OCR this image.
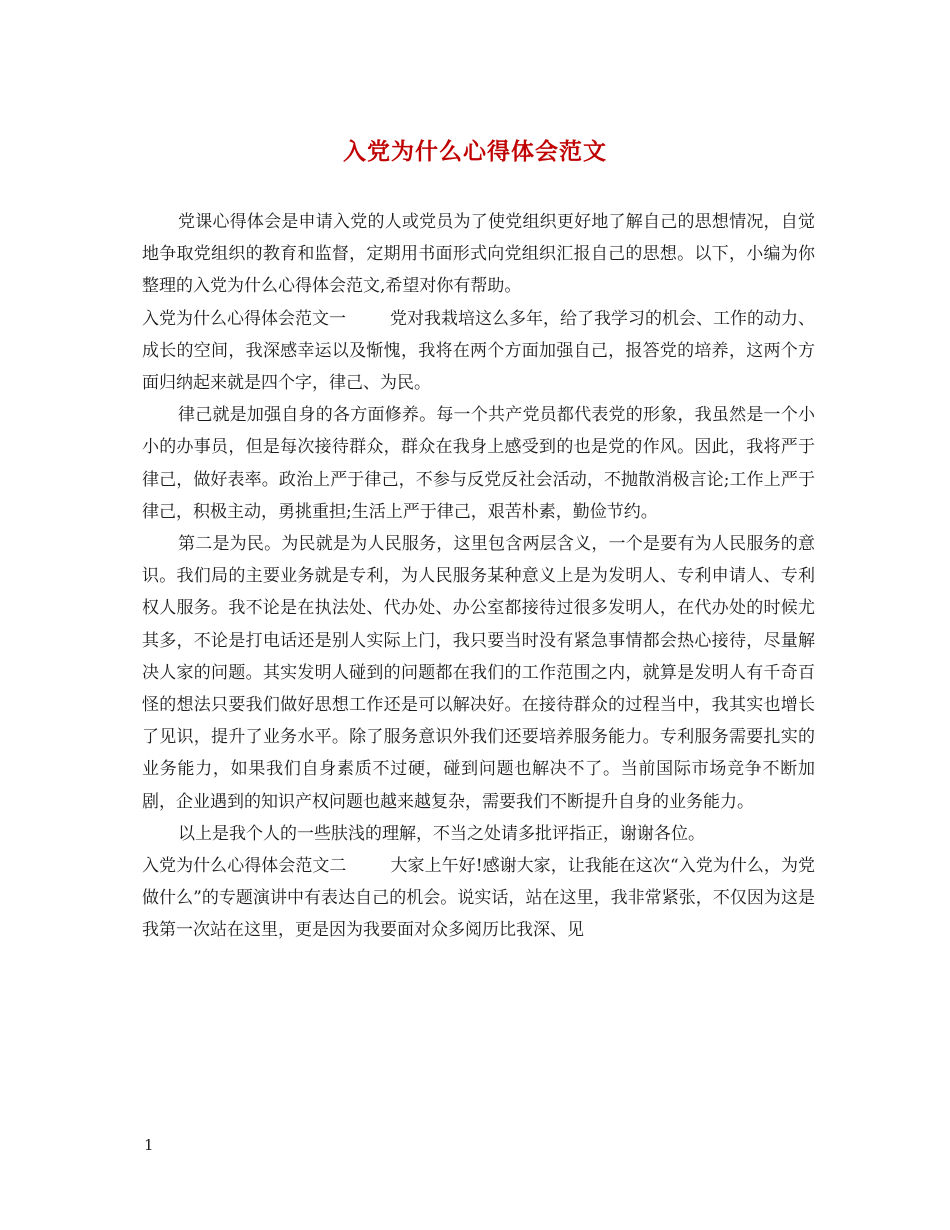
入党为什么心得体会范文

党课心得体会是申请入党的人或党员为了使党组织更好地了解自己的思想情况，自觉地争取党组织的教育和监督，定期用书面形式向党组织汇报自己的思想。以下，小编为你整理的入党为什么心得体会范文,希望对你有帮助。

入党为什么心得体会范文一	党对我栽培这么多年，给了我学习的机会、工作的动力、成长的空间，我深感幸运以及惭愧，我将在两个方面加强自己，报答党的培养，这两个方面归纳起来就是四个字，律己、为民。

律己就是加强自身的各方面修养。每一个共产党员都代表党的形象，我虽然是一个小小的办事员，但是每次接待群众，群众在我身上感受到的也是党的作风。因此，我将严于律己，做好表率。政治上严于律己，不参与反党反社会活动，不抛散消极言论;工作上严于律己，积极主动，勇挑重担;生活上严于律己，艰苦朴素，勤俭节约。

第二是为民。为民就是为人民服务，这里包含两层含义，一个是要有为人民服务的意识。我们局的主要业务就是专利，为人民服务某种意义上是为发明人、专利申请人、专利权人服务。我不论是在执法处、代办处、办公室都接待过很多发明人，在代办处的时候尤其多，不论是打电话还是别人实际上门，我只要当时没有紧急事情都会热心接待，尽量解决人家的问题。其实发明人碰到的问题都在我们的工作范围之内，就算是发明人有千奇百怪的想法只要我们做好思想工作还是可以解决好。在接待群众的过程当中，我其实也增长了见识，提升了业务水平。除了服务意识外我们还要培养服务能力。专利服务需要扎实的业务能力，如果我们自身素质不过硬，碰到问题也解决不了。当前国际市场竞争不断加剧，企业遇到的知识产权问题也越来越复杂，需要我们不断提升自身的业务能力。

以上是我个人的一些肤浅的理解，不当之处请多批评指正，谢谢各位。

入党为什么心得体会范文二	大家上午好!感谢大家，让我能在这次“入党为什么，为党做什么”的专题演讲中有表达自己的机会。说实话，站在这里，我非常紧张，不仅因为这是我第一次站在这里，更是因为我要面对众多阅历比我深、见

1
